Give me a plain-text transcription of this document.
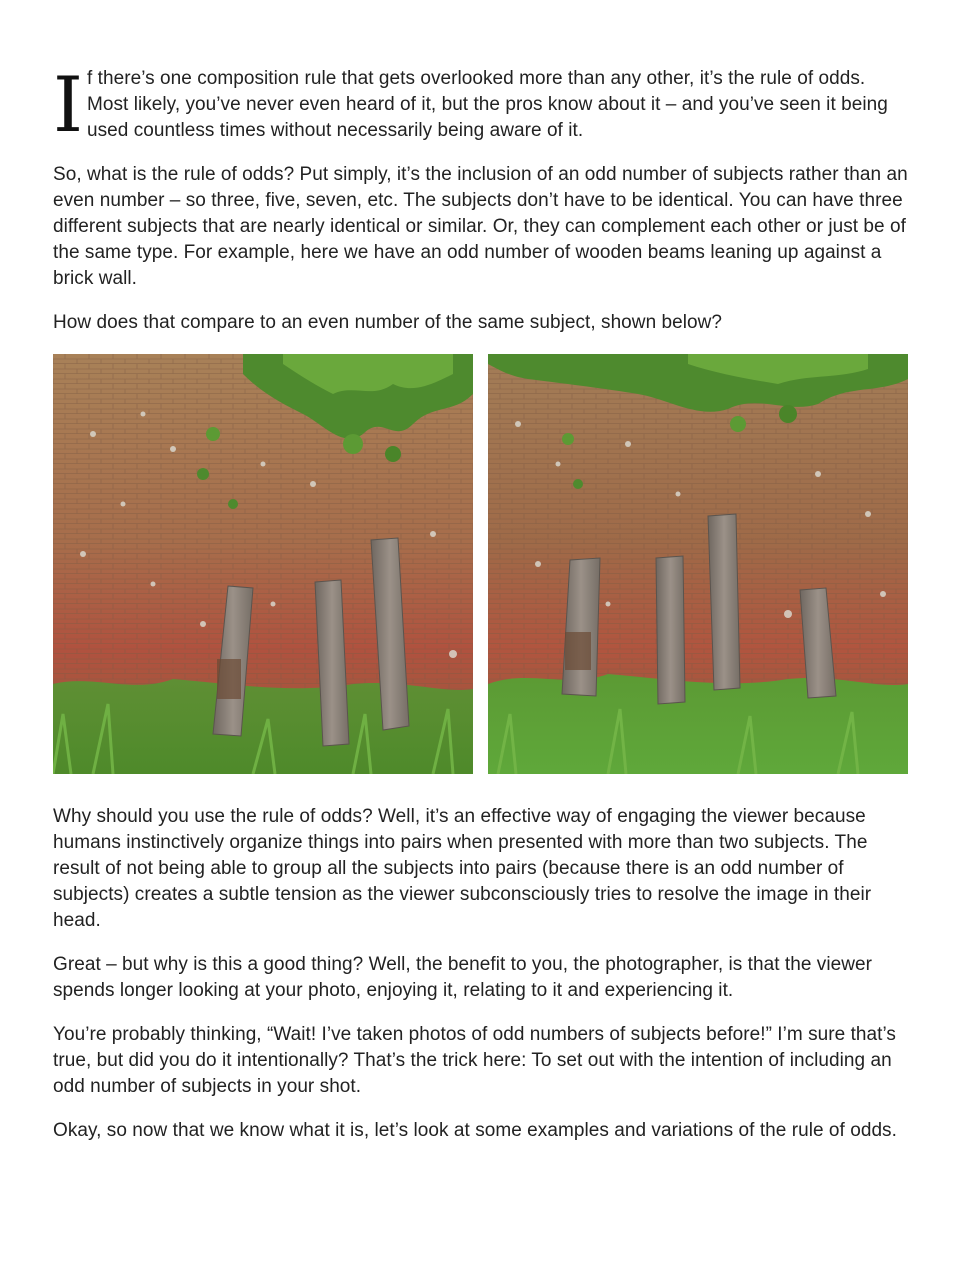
I f there’s one composition rule that gets overlooked more than any other, it’s the rule of odds. Most likely, you’ve never even heard of it, but the pros know about it – and you’ve seen it being used countless times without necessarily being aware of it.

So, what is the rule of odds? Put simply, it’s the inclusion of an odd number of subjects rather than an even number – so three, five, seven, etc. The subjects don’t have to be identical. You can have three different subjects that are nearly identical or similar. Or, they can complement each other or just be of the same type. For example, here we have an odd number of wooden beams leaning up against a brick wall.

How does that compare to an even number of the same subject, shown below?

Why should you use the rule of odds? Well, it’s an effective way of engaging the viewer because humans instinctively organize things into pairs when presented with more than two subjects. The result of not being able to group all the subjects into pairs (because there is an odd number of subjects) creates a subtle tension as the viewer subconsciously tries to resolve the image in their head.

Great – but why is this a good thing? Well, the benefit to you, the photographer, is that the viewer spends longer looking at your photo, enjoying it, relating to it and experiencing it.

You’re probably thinking, “Wait! I’ve taken photos of odd numbers of subjects before!” I’m sure that’s true, but did you do it intentionally? That’s the trick here: To set out with the intention of including an odd number of subjects in your shot.

Okay, so now that we know what it is, let’s look at some examples and variations of the rule of odds.
